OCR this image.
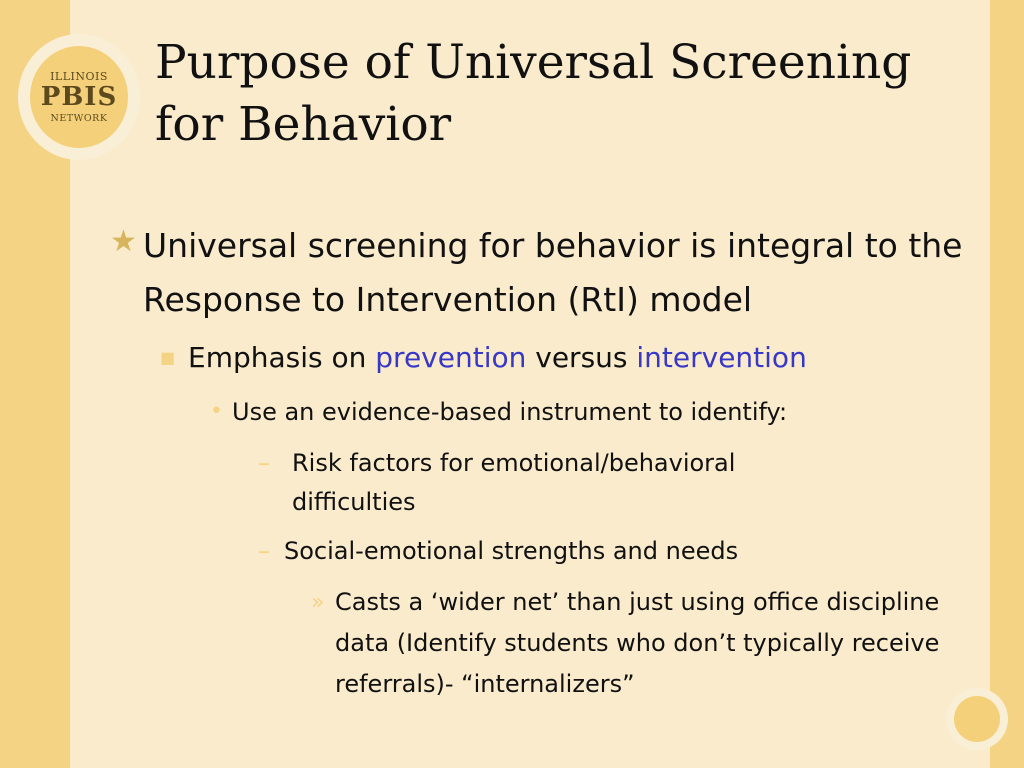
ILLINOIS
PBIS
NETWORK
Purpose of Universal Screening
for Behavior
★ Universal screening for behavior is integral to the Response to Intervention (RtI) model
■ Emphasis on prevention versus intervention
• Use an evidence-based instrument to identify:
– Risk factors for emotional/behavioral difficulties
– Social-emotional strengths and needs
» Casts a ‘wider net’ than just using office discipline data (Identify students who don’t typically receive referrals)- “internalizers”
